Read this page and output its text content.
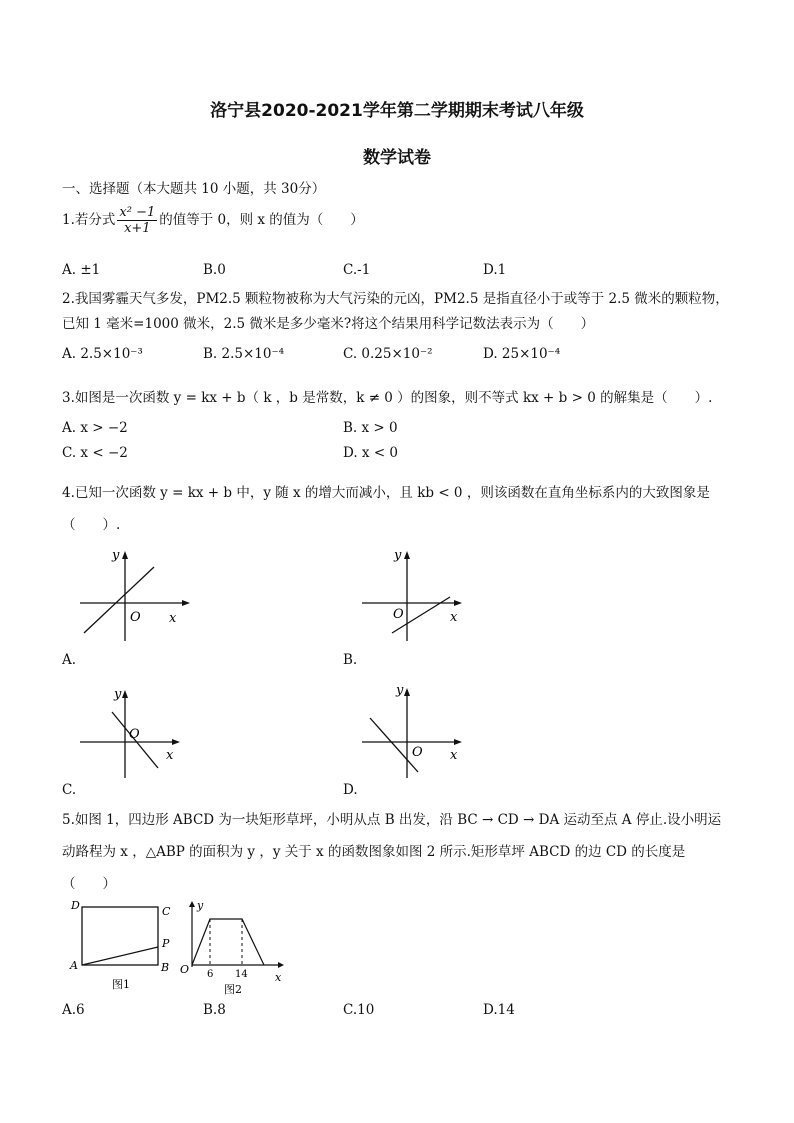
洛宁县2020-2021学年第二学期期末考试八年级
数学试卷
一、选择题（本大题共 10 小题，共 30分）
1.若分式 $\frac{\text{x² −1}}{x+1}$ 的值等于 0，则 x 的值为（　　）
A. ±1	B.0	C.-1	D.1
2.我国雾霾天气多发，PM2.5 颗粒物被称为大气污染的元凶，PM2.5 是指直径小于或等于 2.5 微米的颗粒物，
已知 1 毫米=1000 微米，2.5 微米是多少毫米?将这个结果用科学记数法表示为（　　）
A. 2.5×10⁻³	B. 2.5×10⁻⁴	C. 0.25×10⁻²	D. 25×10⁻⁴
3.如图是一次函数 y = kx + b（ k ，b 是常数，k ≠ 0 ）的图象，则不等式 kx + b > 0 的解集是（　　）.
A. x > −2	B. x > 0
C. x < −2	D. x < 0
4.已知一次函数 y = kx + b 中，y 随 x 的增大而减小，且 kb < 0 ，则该函数在直角坐标系内的大致图象是
（　　）.
y
x
O
A.
y
x
O
B.
y
x
O
C.
y
x
O
D.
5.如图 1，四边形 ABCD 为一块矩形草坪，小明从点 B 出发，沿 BC → CD → DA 运动至点 A 停止.设小明运
动路程为 x ，△ABP 的面积为 y ，y 关于 x 的函数图象如图 2 所示.矩形草坪 ABCD 的边 CD 的长度是
（　　）
D	C
P
A	B
图1
y
x
O 6 14
图2
A.6	B.8	C.10	D.14
